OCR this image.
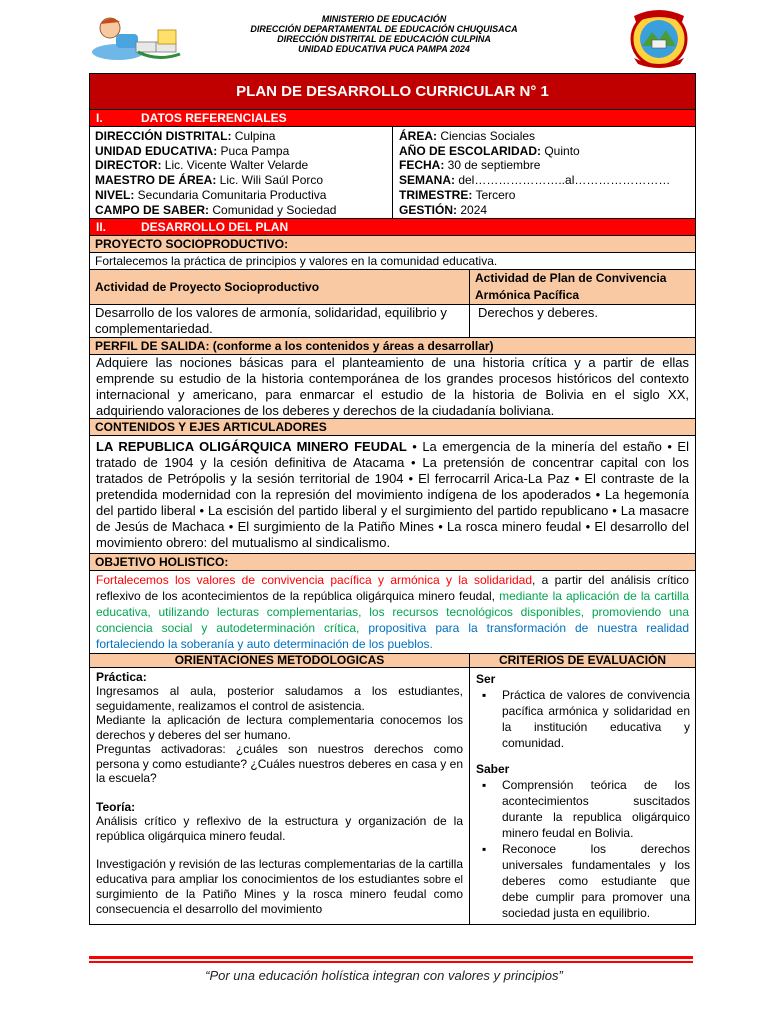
MINISTERIO DE EDUCACIÓN
DIRECCIÓN DEPARTAMENTAL DE EDUCACIÓN CHUQUISACA
DIRECCIÓN DISTRITAL DE EDUCACIÓN CULPINA
UNIDAD EDUCATIVA PUCA PAMPA 2024
PLAN DE DESARROLLO CURRICULAR N° 1
I.	DATOS REFERENCIALES
DIRECCIÓN DISTRITAL: Culpina
UNIDAD EDUCATIVA: Puca Pampa
DIRECTOR: Lic. Vicente Walter Velarde
MAESTRO DE ÁREA: Lic. Wili Saúl Porco
NIVEL: Secundaria Comunitaria Productiva
CAMPO DE SABER: Comunidad y Sociedad
ÁREA: Ciencias Sociales
AÑO DE ESCOLARIDAD: Quinto
FECHA: 30 de septiembre
SEMANA: del…………………..al……………………
TRIMESTRE: Tercero
GESTIÓN: 2024
II.	DESARROLLO DEL PLAN
PROYECTO SOCIOPRODUCTIVO:
Fortalecemos la práctica de principios y valores en la comunidad educativa.
Actividad de Proyecto Socioproductivo
Actividad de Plan de Convivencia Armónica Pacífica
Desarrollo de los valores de armonía, solidaridad, equilibrio y complementariedad.
Derechos y deberes.
PERFIL DE SALIDA: (conforme a los contenidos y áreas a desarrollar)
Adquiere las nociones básicas para el planteamiento de una historia crítica y a partir de ellas emprende su estudio de la historia contemporánea de los grandes procesos históricos del contexto internacional y americano, para enmarcar el estudio de la historia de Bolivia en el siglo XX, adquiriendo valoraciones de los deberes y derechos de la ciudadanía boliviana.
CONTENIDOS Y EJES ARTICULADORES
LA REPUBLICA OLIGÁRQUICA MINERO FEUDAL • La emergencia de la minería del estaño • El tratado de 1904 y la cesión definitiva de Atacama • La pretensión de concentrar capital con los tratados de Petrópolis y la sesión territorial de 1904 • El ferrocarril Arica-La Paz • El contraste de la pretendida modernidad con la represión del movimiento indígena de los apoderados • La hegemonía del partido liberal • La escisión del partido liberal y el surgimiento del partido republicano • La masacre de Jesús de Machaca • El surgimiento de la Patiño Mines • La rosca minero feudal • El desarrollo del movimiento obrero: del mutualismo al sindicalismo.
OBJETIVO HOLISTICO:
Fortalecemos los valores de convivencia pacífica y armónica y la solidaridad, a partir del análisis crítico reflexivo de los acontecimientos de la república oligárquica minero feudal, mediante la aplicación de la cartilla educativa, utilizando lecturas complementarias, los recursos tecnológicos disponibles, promoviendo una conciencia social y autodeterminación crítica, propositiva para la transformación de nuestra realidad fortaleciendo la soberanía y auto determinación de los pueblos.
ORIENTACIONES METODOLOGICAS	CRITERIOS DE EVALUACIÓN
Práctica:
Ingresamos al aula, posterior saludamos a los estudiantes, seguidamente, realizamos el control de asistencia.
Mediante la aplicación de lectura complementaria conocemos los derechos y deberes del ser humano.
Preguntas activadoras: ¿cuáles son nuestros derechos como persona y como estudiante? ¿Cuáles nuestros deberes en casa y en la escuela?
Teoría:
Análisis crítico y reflexivo de la estructura y organización de la república oligárquica minero feudal.
Investigación y revisión de las lecturas complementarias de la cartilla educativa para ampliar los conocimientos de los estudiantes sobre el surgimiento de la Patiño Mines y la rosca minero feudal como consecuencia el desarrollo del movimiento
Ser
▪ Práctica de valores de convivencia pacífica armónica y solidaridad en la institución educativa y comunidad.
Saber
▪ Comprensión teórica de los acontecimientos suscitados durante la republica oligárquico minero feudal en Bolivia.
▪ Reconoce los derechos universales fundamentales y los deberes como estudiante que debe cumplir para promover una sociedad justa en equilibrio.
“Por una educación holística integran con valores y principios”
